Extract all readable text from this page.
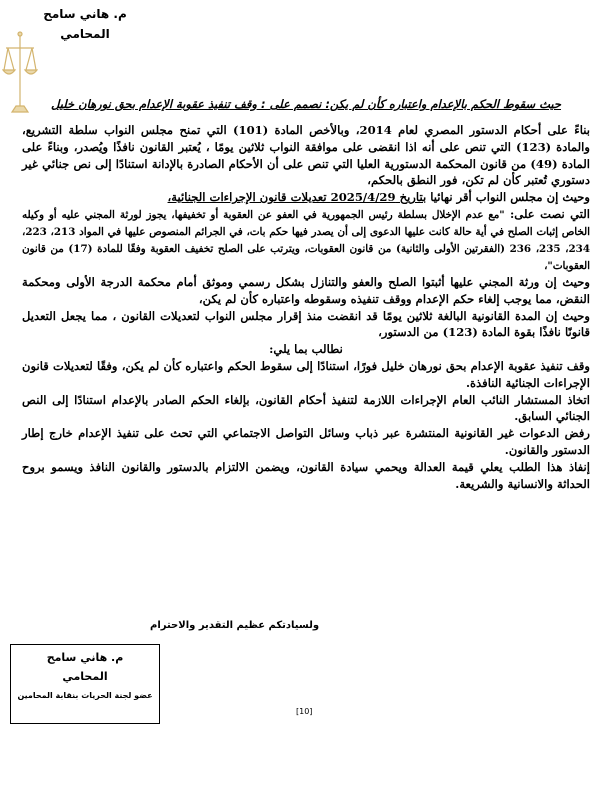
م. هاني سامح
المحامي
حيث سقوط الحكم بالإعدام واعتباره كأن لم يكن: نصمم على : وقف تنفيذ عقوبة الإعدام بحق نورهان خليل

بناءً على أحكام الدستور المصري لعام 2014، وبالأخص المادة (101) التي تمنح مجلس النواب سلطة التشريع، والمادة (123) التي تنص على أنه اذا انقضى على موافقة النواب ثلاثين يومًا ، يُعتبر القانون نافذًا ويُصدر، وبناءً على المادة (49) من قانون المحكمة الدستورية العليا التي تنص على أن الأحكام الصادرة بالإدانة استنادًا إلى نص جنائي غير دستوري تُعتبر كأن لم تكن، فور النطق بالحكم،

وحيث إن مجلس النواب أقر نهائيا بتاريخ 2025/4/29 تعديلات قانون الإجراءات الجنائية،

التي نصت على: "مع عدم الإخلال بسلطة رئيس الجمهورية في العفو عن العقوبة أو تخفيفها، يجوز لورثة المجني عليه أو وكيله الخاص إثبات الصلح في أية حالة كانت عليها الدعوى إلى أن يصدر فيها حكم بات، في الجرائم المنصوص عليها في المواد 213، 223، 234، 235، 236 (الفقرتين الأولى والثانية) من قانون العقوبات، ويترتب على الصلح تخفيف العقوبة وفقًا للمادة (17) من قانون العقوبات"،

وحيث إن ورثة المجني عليها أثبتوا الصلح والعفو والتنازل بشكل رسمي وموثق أمام محكمة الدرجة الأولى ومحكمة النقض، مما يوجب إلغاء حكم الإعدام ووقف تنفيذه وسقوطه واعتباره كأن لم يكن،

وحيث إن المدة القانونية البالغة ثلاثين يومًا قد انقضت منذ إقرار مجلس النواب لتعديلات القانون ، مما يجعل التعديل قانونًا نافذًا بقوة المادة (123) من الدستور،

نطالب بما يلي:

وقف تنفيذ عقوبة الإعدام بحق نورهان خليل فورًا، استنادًا إلى سقوط الحكم واعتباره كأن لم يكن، وفقًا لتعديلات قانون الإجراءات الجنائية النافذة.

اتخاذ المستشار النائب العام الإجراءات اللازمة لتنفيذ أحكام القانون، بإلغاء الحكم الصادر بالإعدام استنادًا إلى النص الجنائي السابق.

رفض الدعوات غير القانونية المنتشرة عبر ذباب وسائل التواصل الاجتماعي التي تحث على تنفيذ الإعدام خارج إطار الدستور والقانون.

إنفاذ هذا الطلب يعلي قيمة العدالة ويحمي سيادة القانون، ويضمن الالتزام بالدستور والقانون النافذ ويسمو بروح الحداثة والانسانية والشريعة.

ولسيادتكم عظيم التقدير والاحترام
م. هاني سامح
المحامي
عضو لجنة الحريات بنقابة المحامين
[10]
